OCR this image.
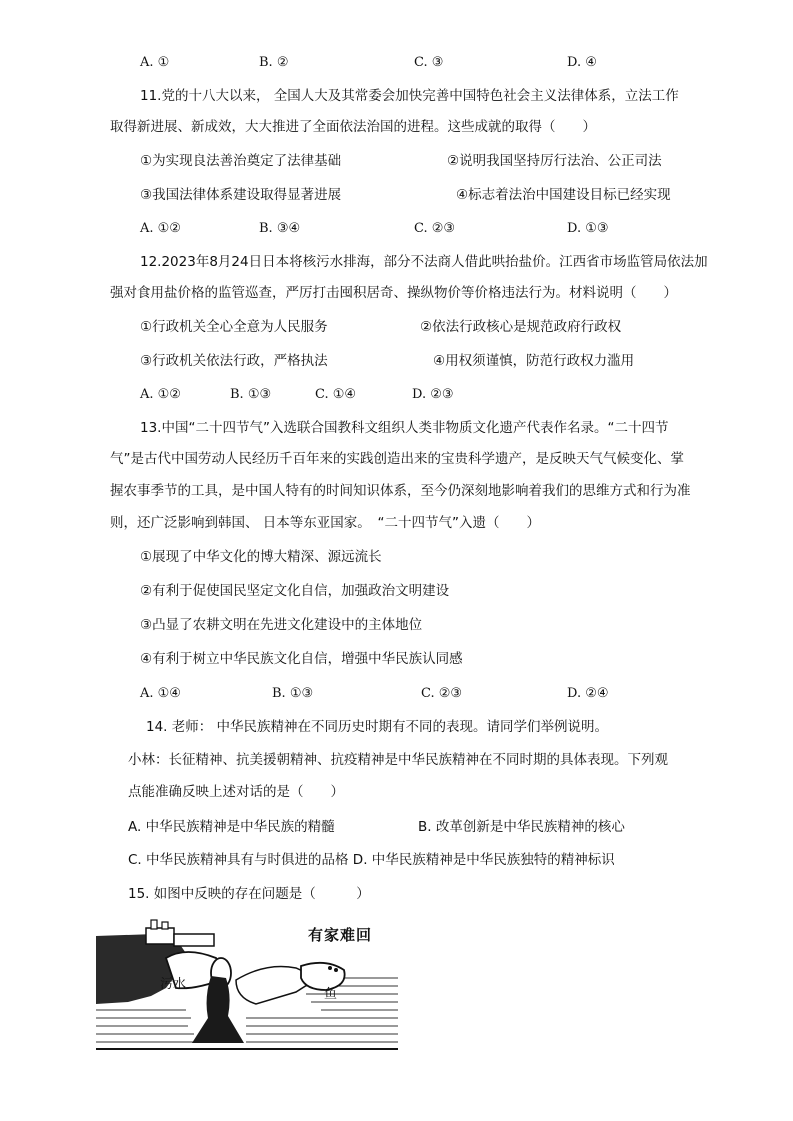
A. ①	B. ②	C. ③	D. ④
11.党的十八大以来， 全国人大及其常委会加快完善中国特色社会主义法律体系，立法工作
取得新进展、新成效，大大推进了全面依法治国的进程。这些成就的取得（　　）
①为实现良法善治奠定了法律基础	②说明我国坚持厉行法治、公正司法
③我国法律体系建设取得显著进展	④标志着法治中国建设目标已经实现
A. ①②	B. ③④	C. ②③	D. ①③
12.2023年8月24日日本将核污水排海，部分不法商人借此哄抬盐价。江西省市场监管局依法加
强对食用盐价格的监管巡查，严厉打击囤积居奇、操纵物价等价格违法行为。材料说明（　　）
①行政机关全心全意为人民服务	②依法行政核心是规范政府行政权
③行政机关依法行政，严格执法	④用权须谨慎，防范行政权力滥用
A. ①②	B. ①③	C. ①④	D. ②③
13.中国“二十四节气”入选联合国教科文组织人类非物质文化遗产代表作名录。“二十四节
气”是古代中国劳动人民经历千百年来的实践创造出来的宝贵科学遗产，是反映天气气候变化、掌
握农事季节的工具，是中国人特有的时间知识体系，至今仍深刻地影响着我们的思维方式和行为准
则，还广泛影响到韩国、 日本等东亚国家。　“二十四节气”入遗（　　）
①展现了中华文化的博大精深、源远流长
②有利于促使国民坚定文化自信，加强政治文明建设
③凸显了农耕文明在先进文化建设中的主体地位
④有利于树立中华民族文化自信，增强中华民族认同感
A. ①④	B. ①③	C. ②③	D. ②④
14. 老师： 中华民族精神在不同历史时期有不同的表现。请同学们举例说明。
小林：长征精神、抗美援朝精神、抗疫精神是中华民族精神在不同时期的具体表现。下列观
点能准确反映上述对话的是（　　）
A. 中华民族精神是中华民族的精髓	B. 改革创新是中华民族精神的核心
C. 中华民族精神具有与时俱进的品格 D. 中华民族精神是中华民族独特的精神标识
15. 如图中反映的存在问题是（　　　）
有家难回
污水
鱼
